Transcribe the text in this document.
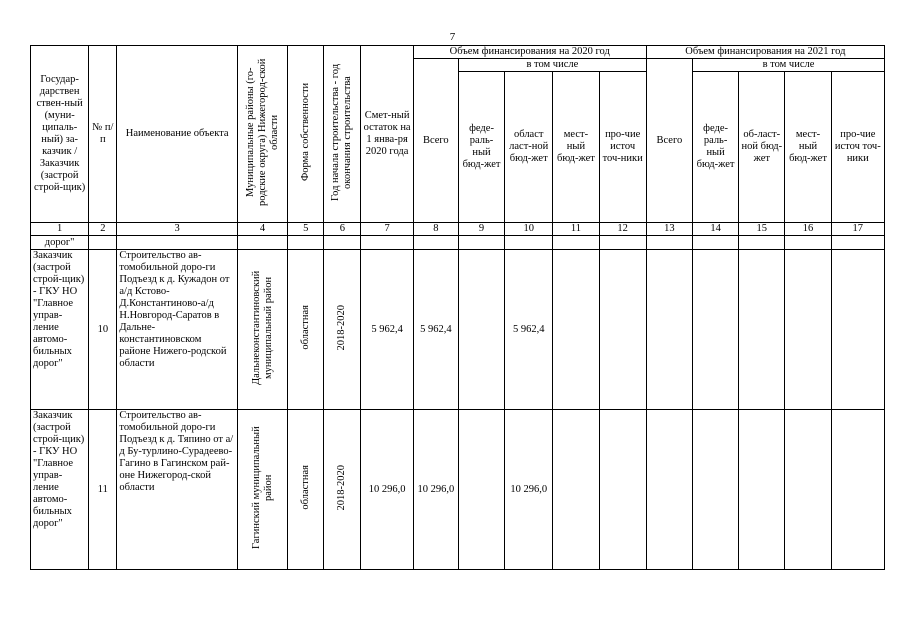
7
Государ-дарствен ствен-ный (муни-ципаль-ный) за-казчик / Заказчик (застрой строй-щик)	№ п/п	Наименование объекта	Муниципальные районы (го-родские округа) Нижегород-ской области	Форма собственности	Год начала строительства - год окончания строительства	Смет-ный остаток на 1 янва-ря 2020 года	Объем финансирования на 2020 год					Объем финансирования на 2021 год				
							Всего	в том числе				Всего	в том числе			
								феде-раль-ный бюд-жет	област ласт-ной бюд-жет	мест-ный бюд-жет	про-чие источ точ-ники		феде-раль-ный бюд-жет	об-ласт-ной бюд-жет	мест-ный бюд-жет	про-чие источ точ-ники
1	2	3	4	5	6	7	8	9	10	11	12	13	14	15	16	17
дорог"																
Заказчик (застрой строй-щик) - ГКУ НО "Главное управ-ление автомо-бильных дорог"	10	Строительство ав-томобильной доро-ги Подъезд к д. Кужадон от а/д Кстово-Д.Константиново-а/д Н.Новгород-Саратов в Дальне-константиновском районе Нижего-родской области	Дальнеконстантиновский муниципальный район	областная	2018-2020	5 962,4	5 962,4		5 962,4							
Заказчик (застрой строй-щик) - ГКУ НО "Главное управ-ление автомо-бильных дорог"	11	Строительство ав-томобильной доро-ги Подъезд к д. Тяпино от а/д Бу-турлино-Сурадеево-Гагино в Гагинском рай-оне Нижегород-ской области	Гагинский муниципальный район	областная	2018-2020	10 296,0	10 296,0		10 296,0							
